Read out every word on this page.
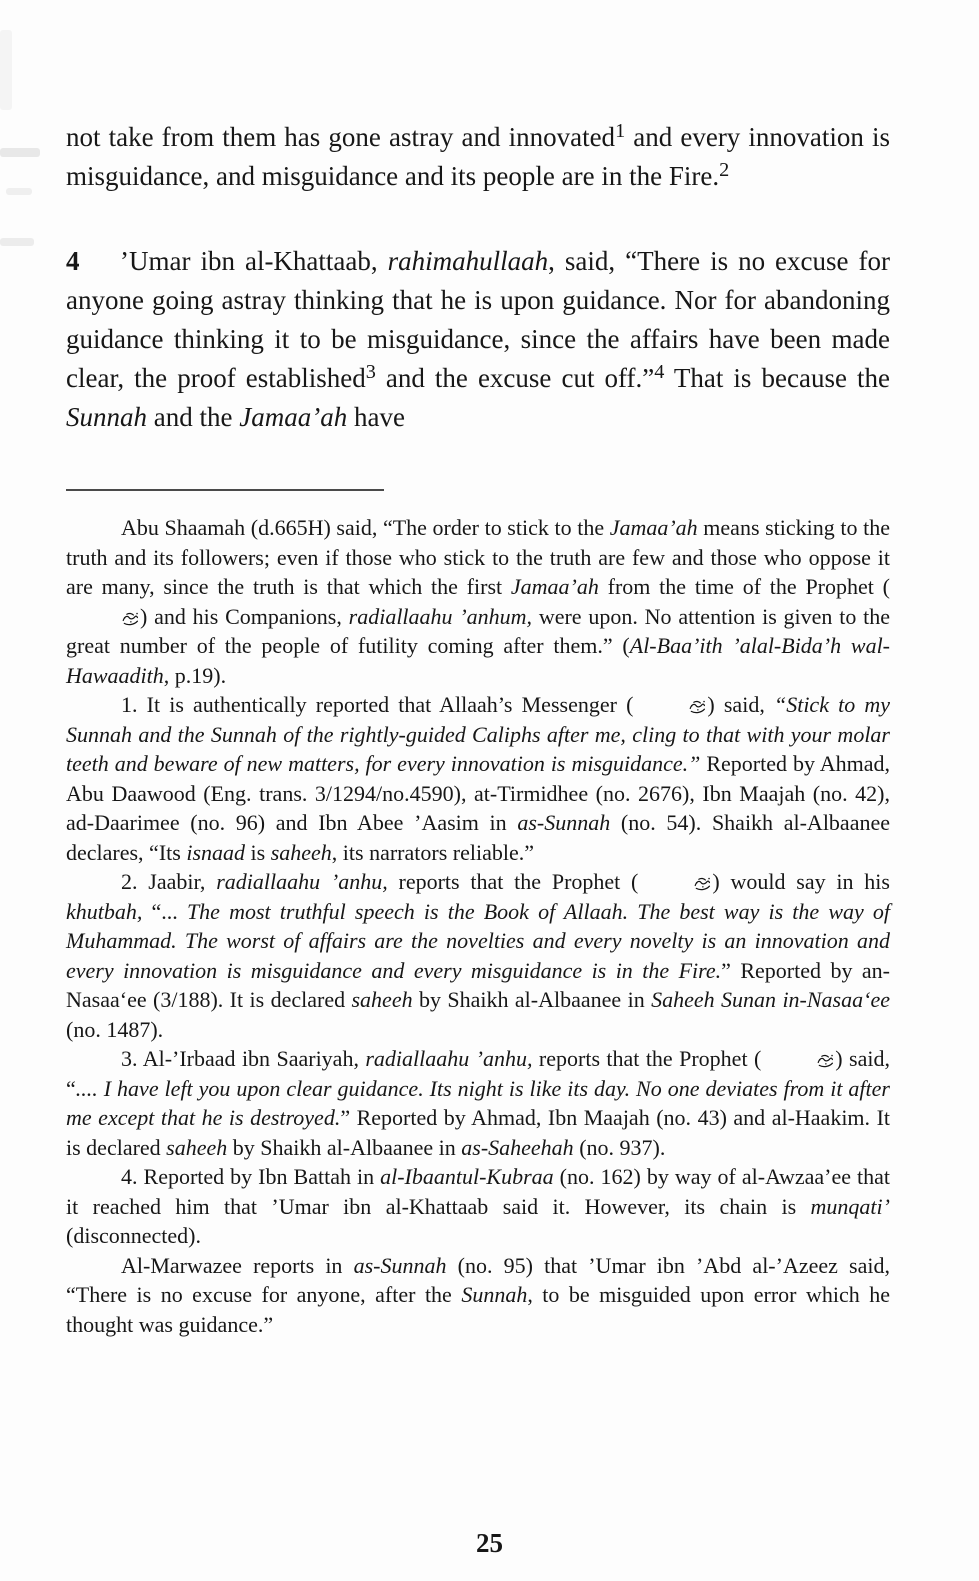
not take from them has gone astray and innovated$^1$ and every innovation is misguidance, and misguidance and its people are in the Fire.$^2$

4 ’Umar ibn al-Khattaab, rahimahullaah, said, “There is no excuse for anyone going astray thinking that he is upon guidance. Nor for abandoning guidance thinking it to be misguidance, since the affairs have been made clear, the proof established$^3$ and the excuse cut off.”$^4$ That is because the Sunnah and the Jamaa’ah have

Abu Shaamah (d.665H) said, “The order to stick to the Jamaa’ah means sticking to the truth and its followers; even if those who stick to the truth are few and those who oppose it are many, since the truth is that which the first Jamaa’ah from the time of the Prophet () and his Companions, radiallaahu ’anhum, were upon. No attention is given to the great number of the people of futility coming after them.” (Al-Baa’ith ’alal-Bida’h wal-Hawaadith, p.19).

1. It is authentically reported that Allaah’s Messenger (	) said, “Stick to my Sunnah and the Sunnah of the rightly-guided Caliphs after me, cling to that with your molar teeth and beware of new matters, for every innovation is misguidance.” Reported by Ahmad, Abu Daawood (Eng. trans. 3/1294/no.4590), at-Tirmidhee (no. 2676), Ibn Maajah (no. 42), ad-Daarimee (no. 96) and Ibn Abee ’Aasim in as-Sunnah (no. 54). Shaikh al-Albaanee declares, “Its isnaad is saheeh, its narrators reliable.”

2. Jaabir, radiallaahu ’anhu, reports that the Prophet (	) would say in his khutbah, “... The most truthful speech is the Book of Allaah. The best way is the way of Muhammad. The worst of affairs are the novelties and every novelty is an innovation and every innovation is misguidance and every misguidance is in the Fire.” Reported by an-Nasaa‘ee (3/188). It is declared saheeh by Shaikh al-Albaanee in Saheeh Sunan in-Nasaa‘ee (no. 1487).

3. Al-’Irbaad ibn Saariyah, radiallaahu ’anhu, reports that the Prophet (	) said, “.... I have left you upon clear guidance. Its night is like its day. No one deviates from it after me except that he is destroyed.” Reported by Ahmad, Ibn Maajah (no. 43) and al-Haakim. It is declared saheeh by Shaikh al-Albaanee in as-Saheehah (no. 937).

4. Reported by Ibn Battah in al-Ibaantul-Kubraa (no. 162) by way of al-Awzaa’ee that it reached him that ’Umar ibn al-Khattaab said it. However, its chain is munqati’ (disconnected).

Al-Marwazee reports in as-Sunnah (no. 95) that ’Umar ibn ’Abd al-’Azeez said, “There is no excuse for anyone, after the Sunnah, to be misguided upon error which he thought was guidance.”

25
